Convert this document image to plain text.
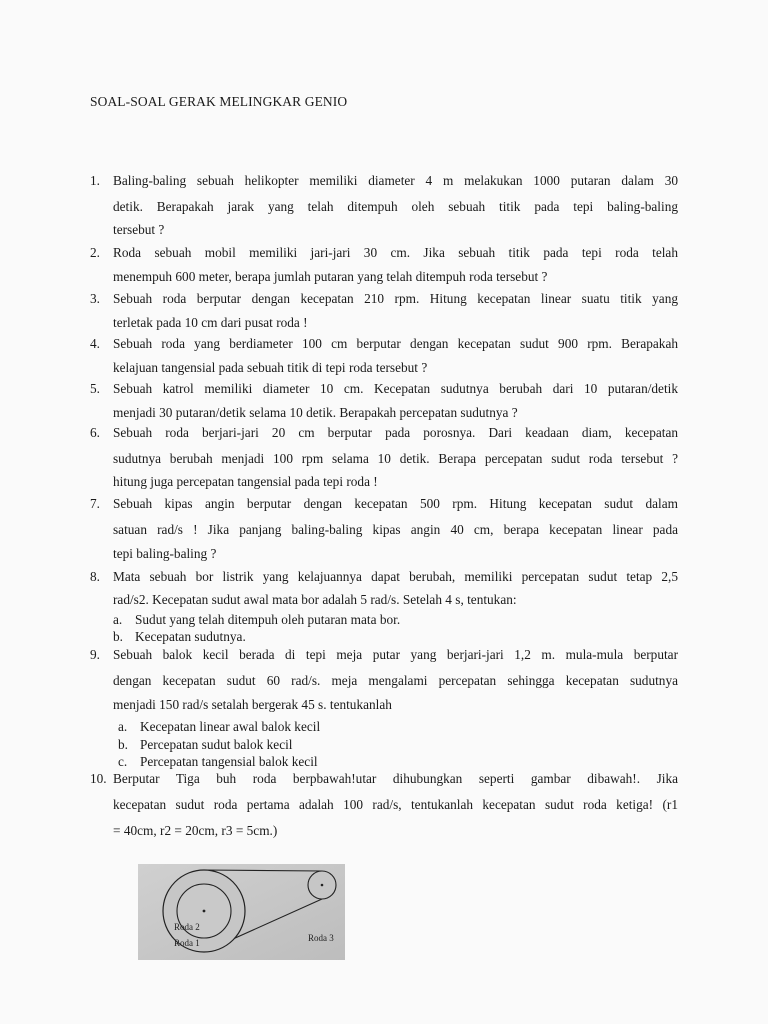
SOAL-SOAL GERAK MELINGKAR GENIO
1. Baling-baling sebuah helikopter memiliki diameter 4 m melakukan 1000 putaran dalam 30
detik. Berapakah jarak yang telah ditempuh oleh sebuah titik pada tepi baling-baling
tersebut ?
2. Roda sebuah mobil memiliki jari-jari 30 cm. Jika sebuah titik pada tepi roda telah
menempuh 600 meter, berapa jumlah putaran yang telah ditempuh roda tersebut ?
3. Sebuah roda berputar dengan kecepatan 210 rpm. Hitung kecepatan linear suatu titik yang
terletak pada 10 cm dari pusat roda !
4. Sebuah roda yang berdiameter 100 cm berputar dengan kecepatan sudut 900 rpm. Berapakah
kelajuan tangensial pada sebuah titik di tepi roda tersebut ?
5. Sebuah katrol memiliki diameter 10 cm. Kecepatan sudutnya berubah dari 10 putaran/detik
menjadi 30 putaran/detik selama 10 detik. Berapakah percepatan sudutnya ?
6. Sebuah roda berjari-jari 20 cm berputar pada porosnya. Dari keadaan diam, kecepatan
sudutnya berubah menjadi 100 rpm selama 10 detik. Berapa percepatan sudut roda tersebut ?
hitung juga percepatan tangensial pada tepi roda !
7. Sebuah kipas angin berputar dengan kecepatan 500 rpm. Hitung kecepatan sudut dalam
satuan rad/s ! Jika panjang baling-baling kipas angin 40 cm, berapa kecepatan linear pada
tepi baling-baling ?
8. Mata sebuah bor listrik yang kelajuannya dapat berubah, memiliki percepatan sudut tetap 2,5
rad/s2. Kecepatan sudut awal mata bor adalah 5 rad/s. Setelah 4 s, tentukan:
a. Sudut yang telah ditempuh oleh putaran mata bor.
b. Kecepatan sudutnya.
9. Sebuah balok kecil berada di tepi meja putar yang berjari-jari 1,2 m. mula-mula berputar
dengan kecepatan sudut 60 rad/s. meja mengalami percepatan sehingga kecepatan sudutnya
menjadi 150 rad/s setalah bergerak 45 s. tentukanlah
a. Kecepatan linear awal balok kecil
b. Percepatan sudut balok kecil
c. Percepatan tangensial balok kecil
10. Berputar Tiga buh roda berpbawah!utar dihubungkan seperti gambar dibawah!. Jika
kecepatan sudut roda pertama adalah 100 rad/s, tentukanlah kecepatan sudut roda ketiga! (r1
= 40cm, r2 = 20cm, r3 = 5cm.)
Roda 2
Roda 1	Roda 3
